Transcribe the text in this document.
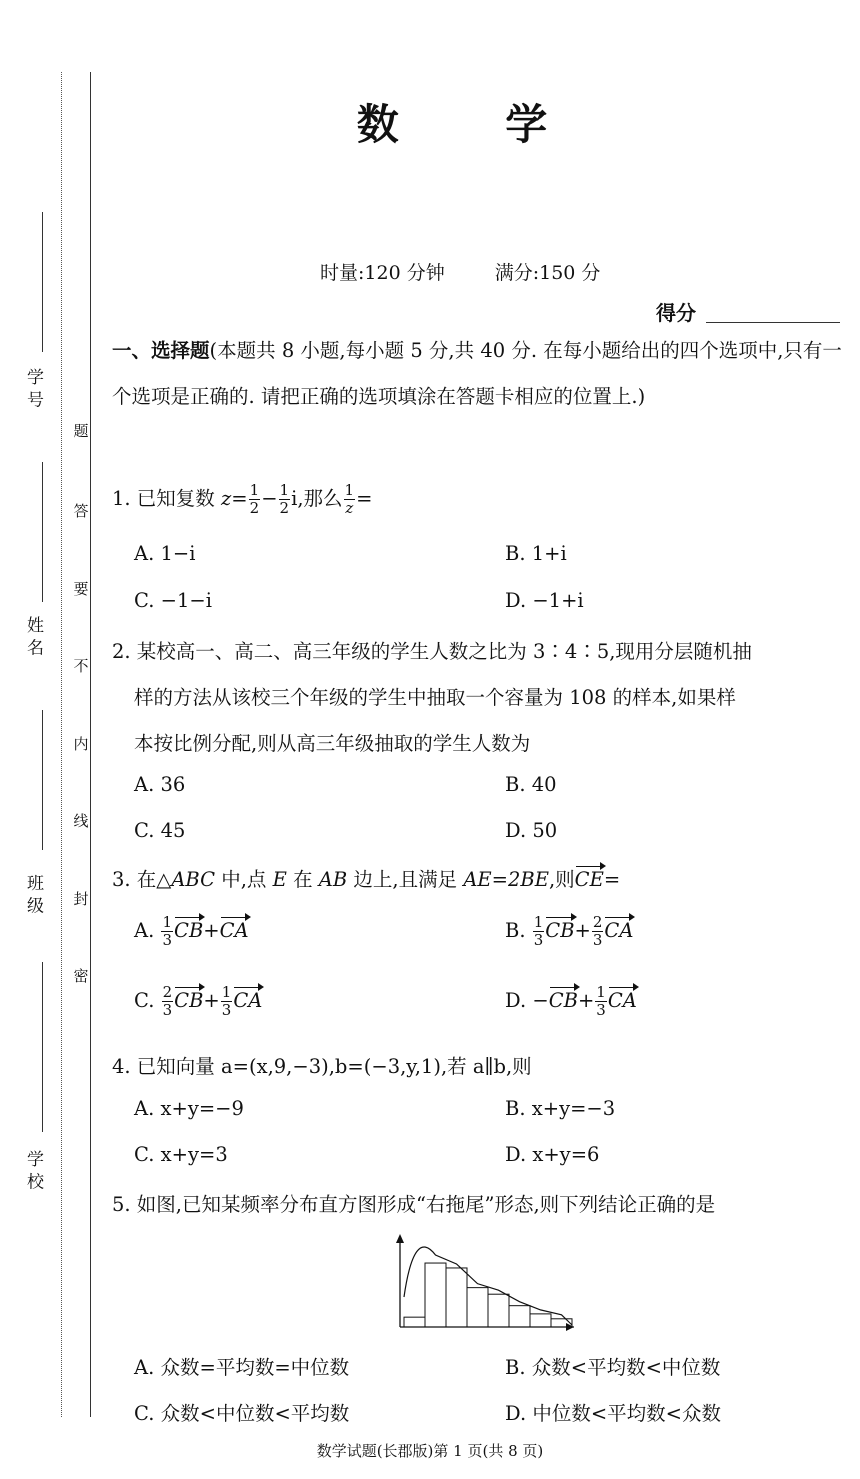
学 号
姓 名
班 级
学 校
题
答
要
不
内
线
封
密
数 学
时量:120 分钟	满分:150 分
得分
一、选择题(本题共 8 小题,每小题 5 分,共 40 分. 在每小题给出的四个选项中,只有一个选项是正确的. 请把正确的选项填涂在答题卡相应的位置上.)
1. 已知复数 $z= \frac{1}{2} - \frac{1}{2} i$,那么 $\frac{1}{z}$ =
A. 1−i	B. 1+i
C. −1−i	D. −1+i
2. 某校高一、高二、高三年级的学生人数之比为 3∶4∶5,现用分层随机抽
样的方法从该校三个年级的学生中抽取一个容量为 108 的样本,如果样
本按比例分配,则从高三年级抽取的学生人数为
A. 36	B. 40
C. 45	D. 50
3. 在△ABC 中,点 E 在 AB 边上,且满足 AE=2BE,则CE=
A. $\frac{1}{3} CB+CA$	B. $\frac{1}{3} CB+ \frac{2}{3}$ CA
C. $\frac{2}{3} CB+ \frac{1}{3}$ CA	D. $-CB+ \frac{1}{3}$ CA
4. 已知向量 a=(x,9,−3),b=(−3,y,1),若 a∥b,则
A. x+y=−9	B. x+y=−3
C. x+y=3	D. x+y=6
5. 如图,已知某频率分布直方图形成“右拖尾”形态,则下列结论正确的是
A. 众数=平均数=中位数	B. 众数<平均数<中位数
C. 众数<中位数<平均数	D. 中位数<平均数<众数
数学试题(长郡版)第 1 页(共 8 页)
